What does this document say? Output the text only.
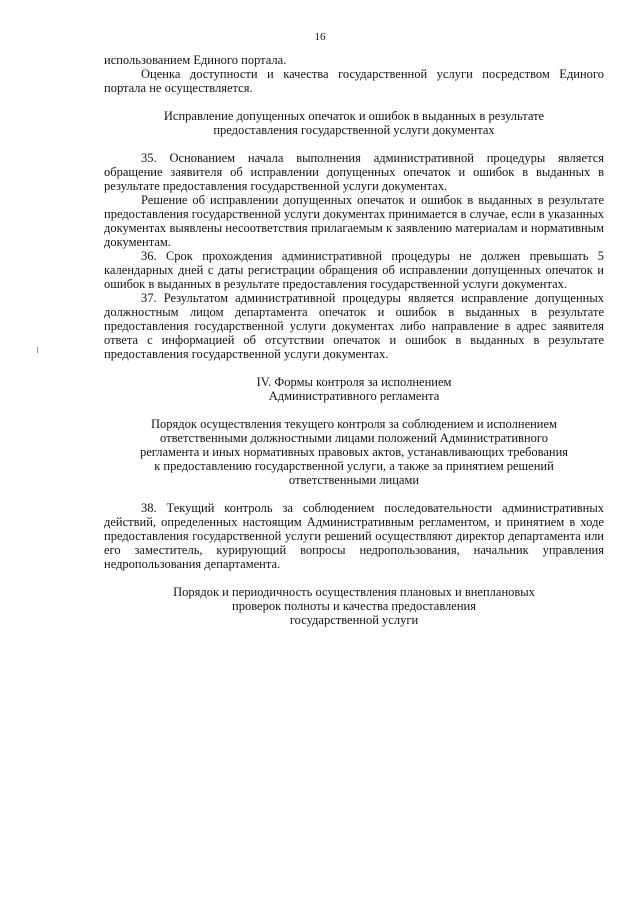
16

использованием Единого портала.

Оценка доступности и качества государственной услуги посредством Единого портала не осуществляется.

Исправление допущенных опечаток и ошибок в выданных в результате

предоставления государственной услуги документах

35. Основанием начала выполнения административной процедуры является обращение заявителя об исправлении допущенных опечаток и ошибок в выданных в результате предоставления государственной услуги документах.

Решение об исправлении допущенных опечаток и ошибок в выданных в результате предоставления государственной услуги документах принимается в случае, если в указанных документах выявлены несоответствия прилагаемым к заявлению материалам и нормативным документам.

36. Срок прохождения административной процедуры не должен превышать 5 календарных дней с даты регистрации обращения об исправлении допущенных опечаток и ошибок в выданных в результате предоставления государственной услуги документах.

37. Результатом административной процедуры является исправление допущенных должностным лицом департамента опечаток и ошибок в выданных в результате предоставления государственной услуги документах либо направление в адрес заявителя ответа с информацией об отсутствии опечаток и ошибок в выданных в результате предоставления государственной услуги документах.

IV. Формы контроля за исполнением

Административного регламента

Порядок осуществления текущего контроля за соблюдением и исполнением

ответственными должностными лицами положений Административного

регламента и иных нормативных правовых актов, устанавливающих требования

к предоставлению государственной услуги, а также за принятием решений

ответственными лицами

38. Текущий контроль за соблюдением последовательности административных действий, определенных настоящим Административным регламентом, и принятием в ходе предоставления государственной услуги решений осуществляют директор департамента или его заместитель, курирующий вопросы недропользования, начальник управления недропользования департамента.

Порядок и периодичность осуществления плановых и внеплановых

проверок полноты и качества предоставления

государственной услуги
